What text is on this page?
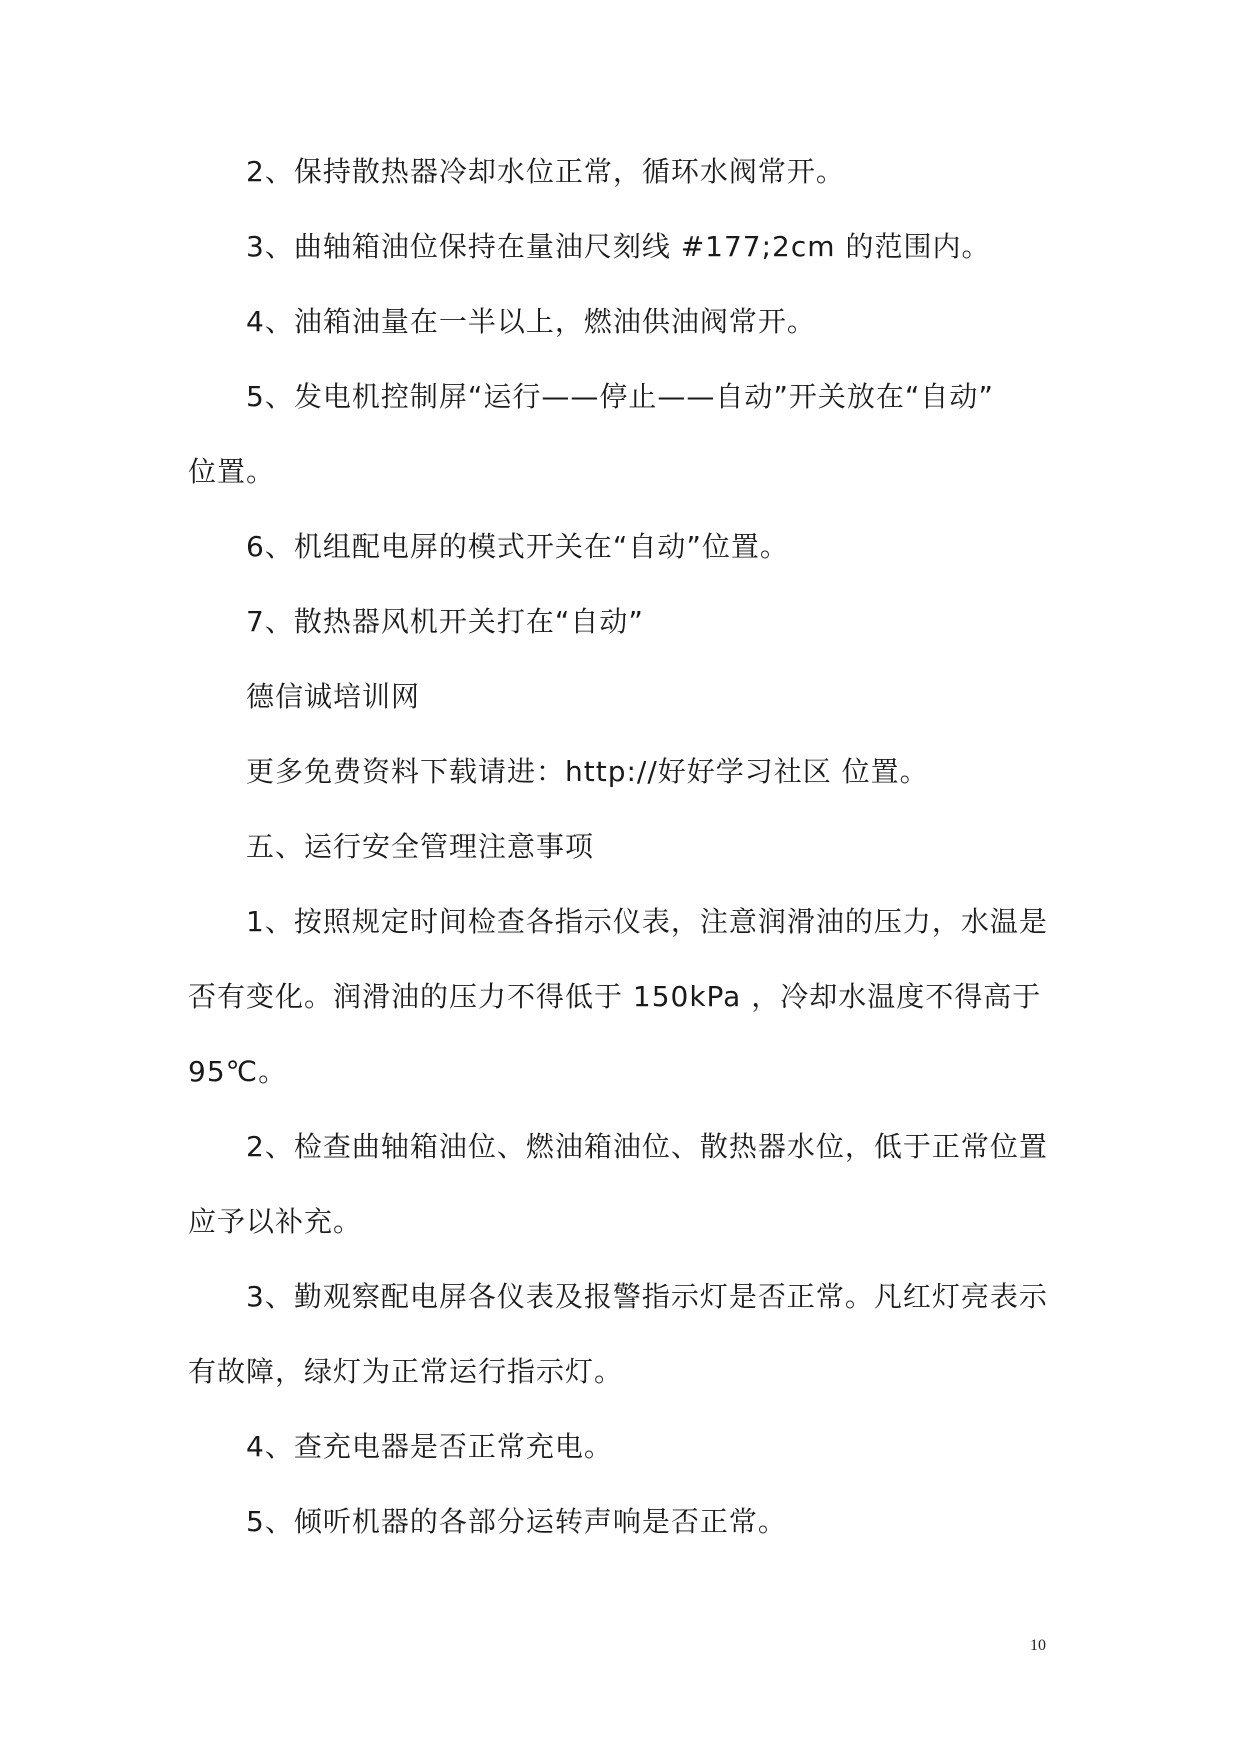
2、保持散热器冷却水位正常，循环水阀常开。
3、曲轴箱油位保持在量油尺刻线 #177;2cm 的范围内。
4、油箱油量在一半以上，燃油供油阀常开。
5、发电机控制屏“运行——停止——自动”开关放在“自动”
位置。
6、机组配电屏的模式开关在“自动”位置。
7、散热器风机开关打在“自动”
德信诚培训网
更多免费资料下载请进：http://好好学习社区 位置。
五、运行安全管理注意事项
1、按照规定时间检查各指示仪表，注意润滑油的压力，水温是
否有变化。润滑油的压力不得低于 150kPa ，冷却水温度不得高于
95℃。
2、检查曲轴箱油位、燃油箱油位、散热器水位，低于正常位置
应予以补充。
3、勤观察配电屏各仪表及报警指示灯是否正常。凡红灯亮表示
有故障，绿灯为正常运行指示灯。
4、查充电器是否正常充电。
5、倾听机器的各部分运转声响是否正常。
10
